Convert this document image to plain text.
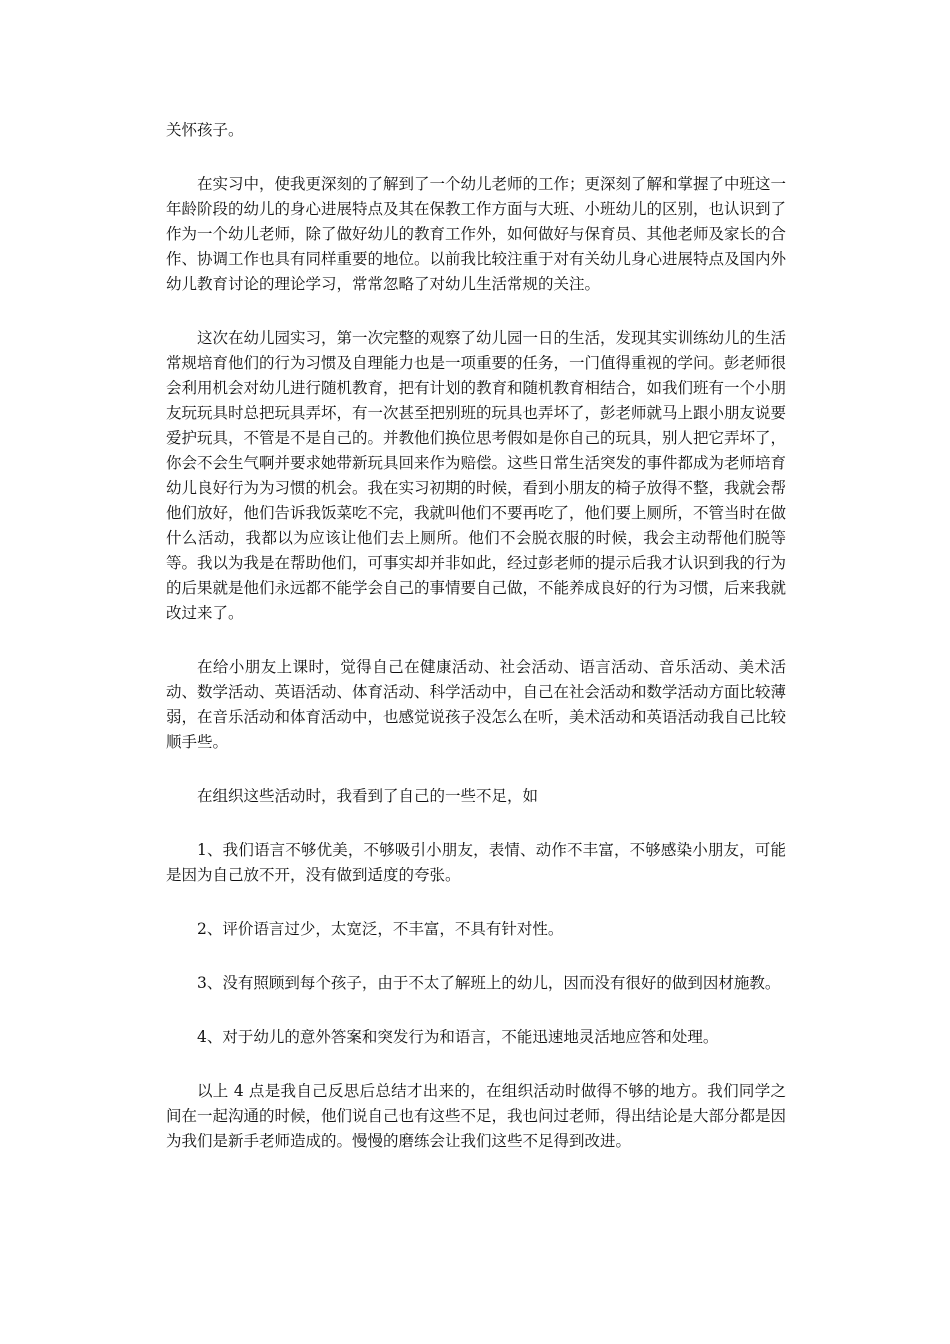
关怀孩子。

在实习中，使我更深刻的了解到了一个幼儿老师的工作；更深刻了解和掌握了中班这一年龄阶段的幼儿的身心进展特点及其在保教工作方面与大班、小班幼儿的区别，也认识到了作为一个幼儿老师，除了做好幼儿的教育工作外，如何做好与保育员、其他老师及家长的合作、协调工作也具有同样重要的地位。以前我比较注重于对有关幼儿身心进展特点及国内外幼儿教育讨论的理论学习，常常忽略了对幼儿生活常规的关注。

这次在幼儿园实习，第一次完整的观察了幼儿园一日的生活，发现其实训练幼儿的生活常规培育他们的行为习惯及自理能力也是一项重要的任务，一门值得重视的学问。彭老师很会利用机会对幼儿进行随机教育，把有计划的教育和随机教育相结合，如我们班有一个小朋友玩玩具时总把玩具弄坏，有一次甚至把别班的玩具也弄坏了，彭老师就马上跟小朋友说要爱护玩具，不管是不是自己的。并教他们换位思考假如是你自己的玩具，别人把它弄坏了，你会不会生气啊并要求她带新玩具回来作为赔偿。这些日常生活突发的事件都成为老师培育幼儿良好行为为习惯的机会。我在实习初期的时候，看到小朋友的椅子放得不整，我就会帮他们放好，他们告诉我饭菜吃不完，我就叫他们不要再吃了，他们要上厕所，不管当时在做什么活动，我都以为应该让他们去上厕所。他们不会脱衣服的时候，我会主动帮他们脱等等。我以为我是在帮助他们，可事实却并非如此，经过彭老师的提示后我才认识到我的行为的后果就是他们永远都不能学会自己的事情要自己做，不能养成良好的行为习惯，后来我就改过来了。

在给小朋友上课时，觉得自己在健康活动、社会活动、语言活动、音乐活动、美术活动、数学活动、英语活动、体育活动、科学活动中，自己在社会活动和数学活动方面比较薄弱，在音乐活动和体育活动中，也感觉说孩子没怎么在听，美术活动和英语活动我自己比较顺手些。

在组织这些活动时，我看到了自己的一些不足，如

1、我们语言不够优美，不够吸引小朋友，表情、动作不丰富，不够感染小朋友，可能是因为自己放不开，没有做到适度的夸张。

2、评价语言过少，太宽泛，不丰富，不具有针对性。

3、没有照顾到每个孩子，由于不太了解班上的幼儿，因而没有很好的做到因材施教。

4、对于幼儿的意外答案和突发行为和语言，不能迅速地灵活地应答和处理。

以上 4 点是我自己反思后总结才出来的，在组织活动时做得不够的地方。我们同学之间在一起沟通的时候，他们说自己也有这些不足，我也问过老师，得出结论是大部分都是因为我们是新手老师造成的。慢慢的磨练会让我们这些不足得到改进。
